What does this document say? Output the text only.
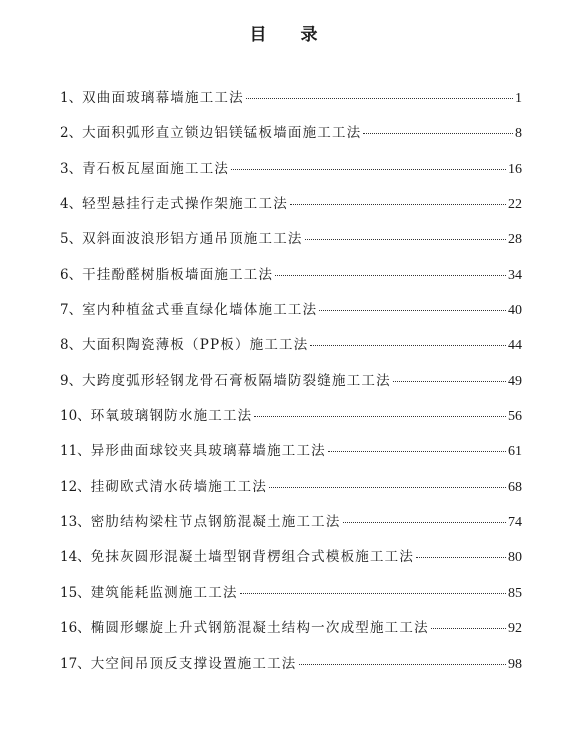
目 录
1、 双曲面玻璃幕墙施工工法	1
2、 大面积弧形直立锁边铝镁锰板墙面施工工法	8
3、 青石板瓦屋面施工工法	16
4、 轻型悬挂行走式操作架施工工法	22
5、 双斜面波浪形铝方通吊顶施工工法	28
6、 干挂酚醛树脂板墙面施工工法	34
7、 室内种植盆式垂直绿化墙体施工工法	40
8、 大面积陶瓷薄板（PP板）施工工法	44
9、 大跨度弧形轻钢龙骨石膏板隔墙防裂缝施工工法	49
10、 环氧玻璃钢防水施工工法	56
11、 异形曲面球铰夹具玻璃幕墙施工工法	61
12、 挂砌欧式清水砖墙施工工法	68
13、 密肋结构梁柱节点钢筋混凝土施工工法	74
14、 免抹灰圆形混凝土墙型钢背楞组合式模板施工工法	80
15、 建筑能耗监测施工工法	85
16、 椭圆形螺旋上升式钢筋混凝土结构一次成型施工工法	92
17、 大空间吊顶反支撑设置施工工法	98
